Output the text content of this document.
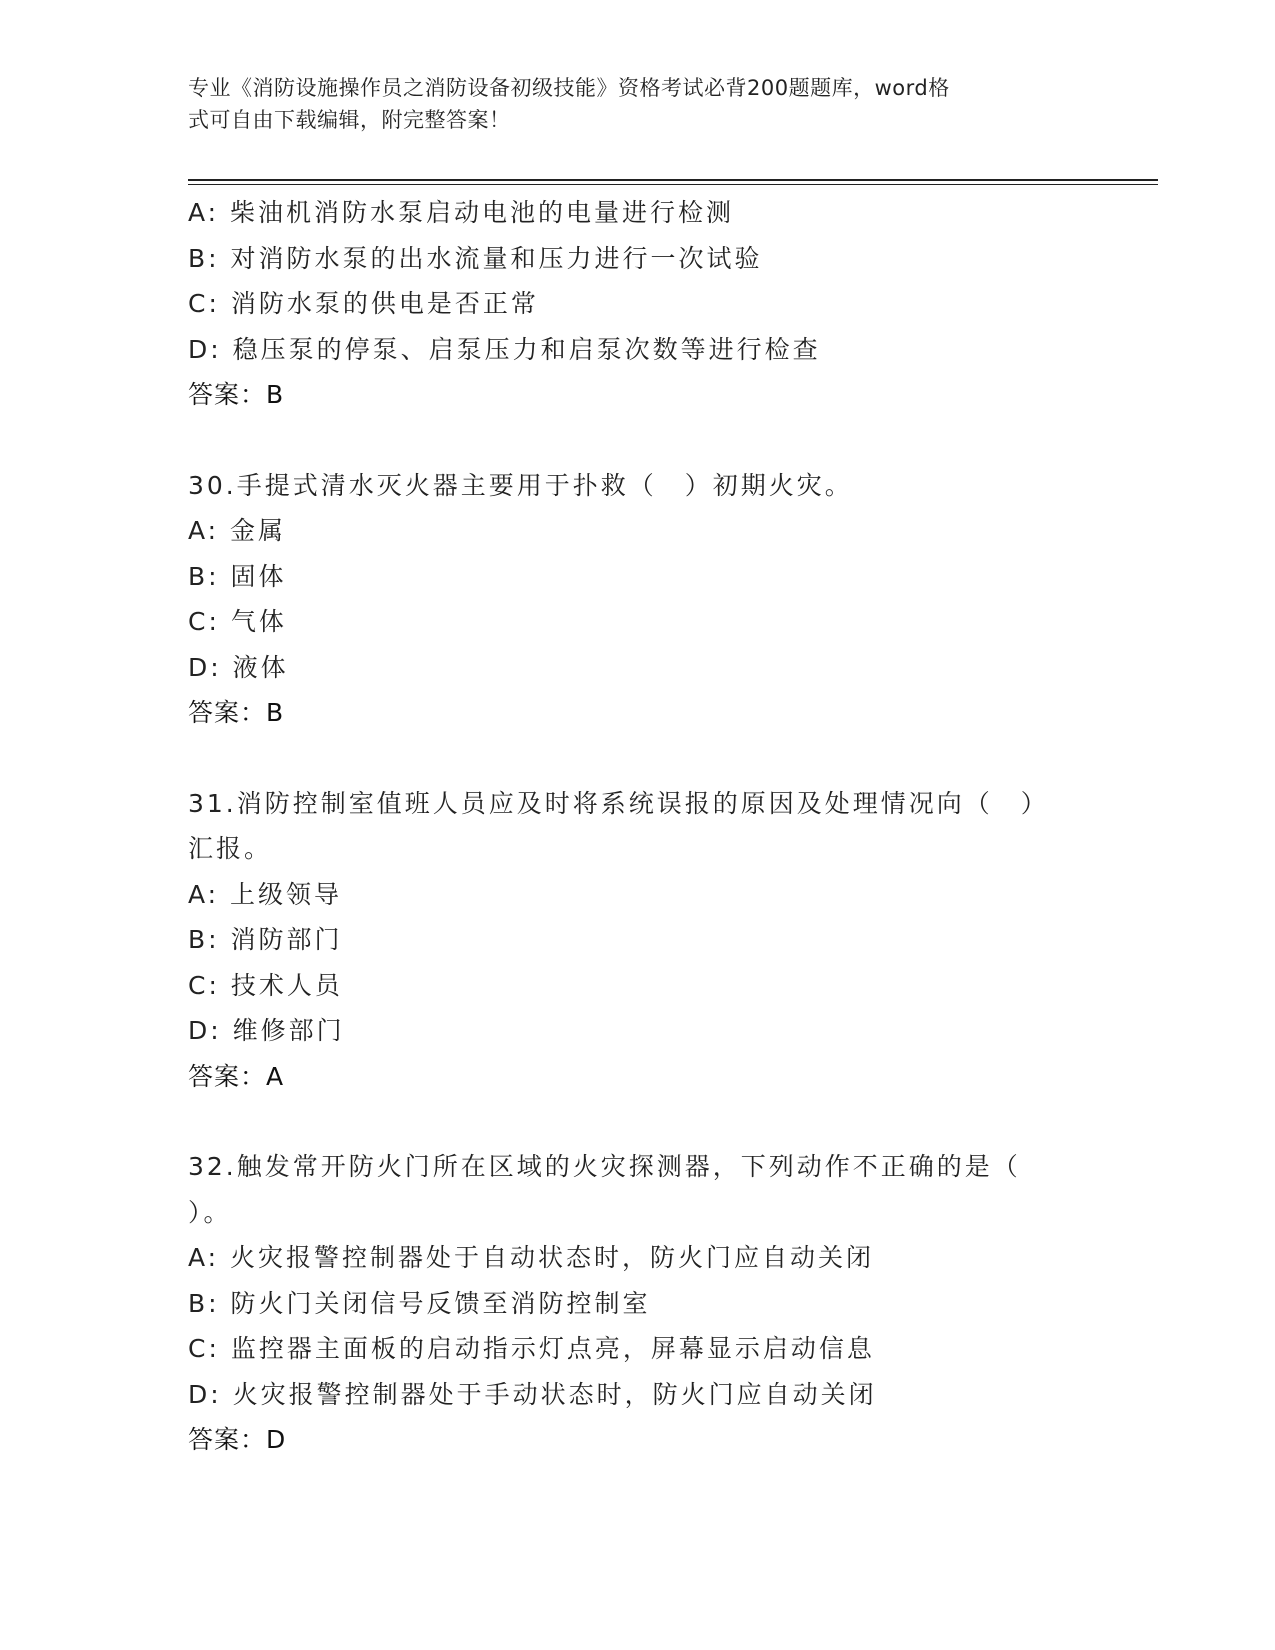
专业《消防设施操作员之消防设备初级技能》资格考试必背200题题库，word格
式可自由下载编辑，附完整答案！
A: 柴油机消防水泵启动电池的电量进行检测
B: 对消防水泵的出水流量和压力进行一次试验
C: 消防水泵的供电是否正常
D: 稳压泵的停泵、启泵压力和启泵次数等进行检查
答案：B
30.手提式清水灭火器主要用于扑救（　）初期火灾。
A: 金属
B: 固体
C: 气体
D: 液体
答案：B
31.消防控制室值班人员应及时将系统误报的原因及处理情况向（　）
汇报。
A: 上级领导
B: 消防部门
C: 技术人员
D: 维修部门
答案：A
32.触发常开防火门所在区域的火灾探测器，下列动作不正确的是（
）。
A: 火灾报警控制器处于自动状态时，防火门应自动关闭
B: 防火门关闭信号反馈至消防控制室
C: 监控器主面板的启动指示灯点亮，屏幕显示启动信息
D: 火灾报警控制器处于手动状态时，防火门应自动关闭
答案：D
